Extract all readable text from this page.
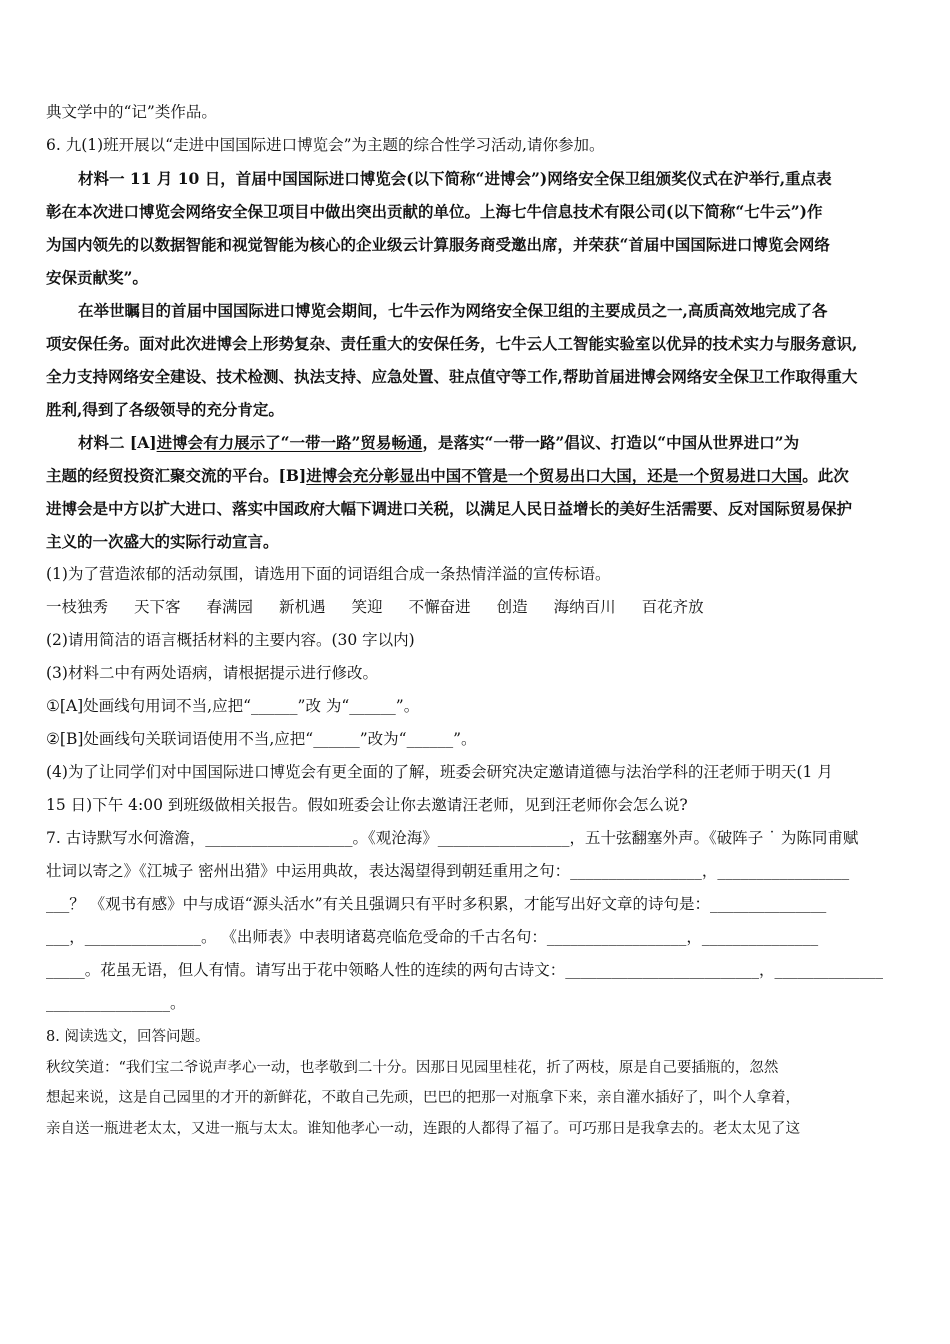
典文学中的“记”类作品。
6. 九(1)班开展以“走进中国国际进口博览会”为主题的综合性学习活动,请你参加。
材料一 11 月 10 日，首届中国国际进口博览会(以下简称“进博会”)网络安全保卫组颁奖仪式在沪举行,重点表
彰在本次进口博览会网络安全保卫项目中做出突出贡献的单位。上海七牛信息技术有限公司(以下简称“七牛云”)作
为国内领先的以数据智能和视觉智能为核心的企业级云计算服务商受邀出席，并荣获“首届中国国际进口博览会网络
安保贡献奖”。
在举世瞩目的首届中国国际进口博览会期间，七牛云作为网络安全保卫组的主要成员之一,高质高效地完成了各
项安保任务。面对此次进博会上形势复杂、责任重大的安保任务，七牛云人工智能实验室以优异的技术实力与服务意识,
全力支持网络安全建设、技术检测、执法支持、应急处置、驻点值守等工作,帮助首届进博会网络安全保卫工作取得重大
胜利,得到了各级领导的充分肯定。
材料二 [A]进博会有力展示了“一带一路”贸易畅通，是落实“一带一路”倡议、打造以“中国从世界进口”为
主题的经贸投资汇聚交流的平台。[B]进博会充分彰显出中国不管是一个贸易出口大国，还是一个贸易进口大国。此次
进博会是中方以扩大进口、落实中国政府大幅下调进口关税，以满足人民日益增长的美好生活需要、反对国际贸易保护
主义的一次盛大的实际行动宣言。
(1)为了营造浓郁的活动氛围，请选用下面的词语组合成一条热情洋溢的宣传标语。
一枝独秀 天下客 春满园 新机遇 笑迎 不懈奋进 创造 海纳百川 百花齐放
(2)请用简洁的语言概括材料的主要内容。(30 字以内)
(3)材料二中有两处语病，请根据提示进行修改。
①[A]处画线句用词不当,应把“______”改 为“______”。
②[B]处画线句关联词语使用不当,应把“______”改为“______”。
(4)为了让同学们对中国国际进口博览会有更全面的了解，班委会研究决定邀请道德与法治学科的汪老师于明天(1 月
15 日)下午 4:00 到班级做相关报告。假如班委会让你去邀请汪老师，见到汪老师你会怎么说?
7. 古诗默写水何澹澹，___________________。《观沧海》_________________，五十弦翻塞外声。《破阵子 ˙ 为陈同甫赋
壮词以寄之》《江城子 密州出猎》中运用典故，表达渴望得到朝廷重用之句：_________________，_________________
___？ 《观书有感》中与成语“源头活水”有关且强调只有平时多积累，才能写出好文章的诗句是：_______________
___，_______________。 《出师表》中表明诸葛亮临危受命的千古名句：__________________，_______________
_____。花虽无语，但人有情。请写出于花中领略人性的连续的两句古诗文：_________________________，______________
________________。
8. 阅读选文，回答问题。
秋纹笑道：“我们宝二爷说声孝心一动，也孝敬到二十分。因那日见园里桂花，折了两枝，原是自己要插瓶的，忽然
想起来说，这是自己园里的才开的新鲜花，不敢自己先顽，巴巴的把那一对瓶拿下来，亲自灌水插好了，叫个人拿着，
亲自送一瓶进老太太，又进一瓶与太太。谁知他孝心一动，连跟的人都得了福了。可巧那日是我拿去的。老太太见了这
